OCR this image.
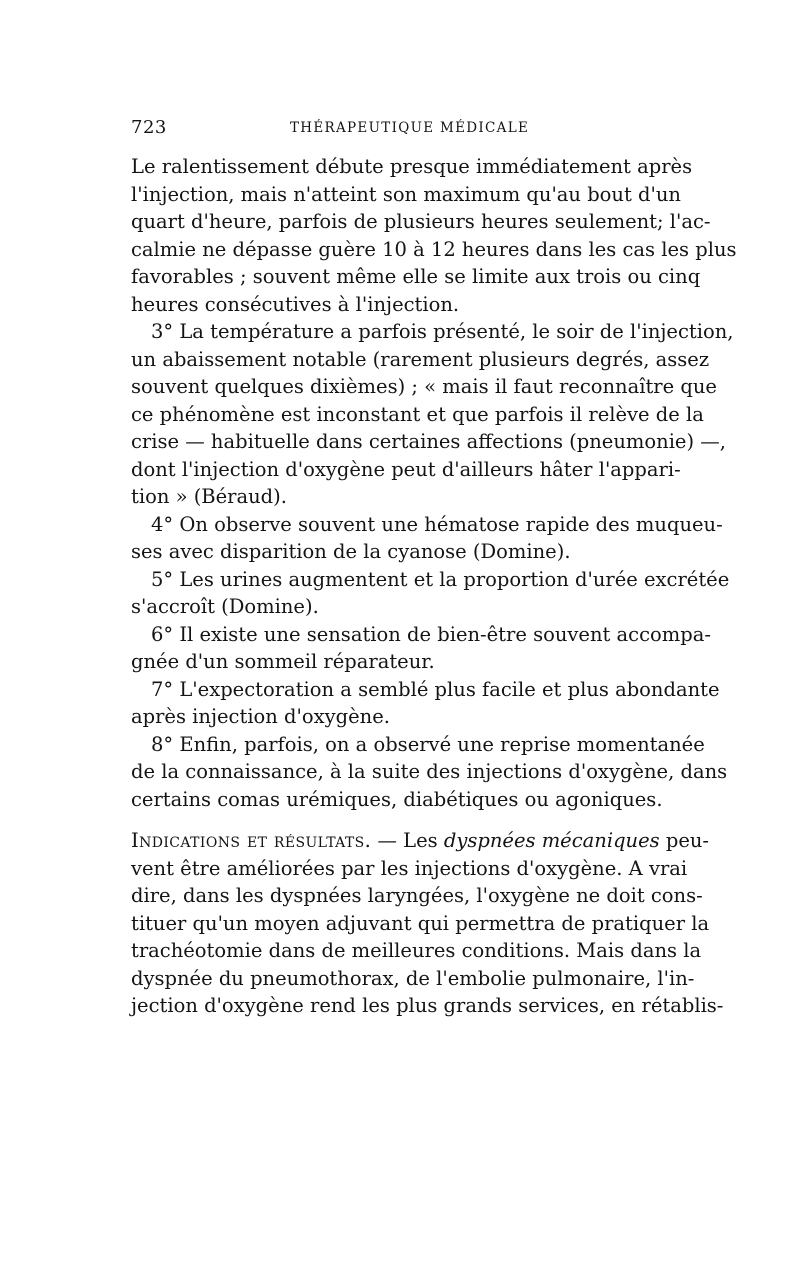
723	THÉRAPEUTIQUE MÉDICALE

Le ralentissement débute presque immédiatement après
l'injection, mais n'atteint son maximum qu'au bout d'un
quart d'heure, parfois de plusieurs heures seulement; l'ac-
calmie ne dépasse guère 10 à 12 heures dans les cas les plus
favorables ; souvent même elle se limite aux trois ou cinq
heures consécutives à l'injection.

3° La température a parfois présenté, le soir de l'injection,
un abaissement notable (rarement plusieurs degrés, assez
souvent quelques dixièmes) ; « mais il faut reconnaître que
ce phénomène est inconstant et que parfois il relève de la
crise — habituelle dans certaines affections (pneumonie) —,
dont l'injection d'oxygène peut d'ailleurs hâter l'appari-
tion » (Béraud).

4° On observe souvent une hématose rapide des muqueu-
ses avec disparition de la cyanose (Domine).

5° Les urines augmentent et la proportion d'urée excrétée
s'accroît (Domine).

6° Il existe une sensation de bien-être souvent accompa-
gnée d'un sommeil réparateur.

7° L'expectoration a semblé plus facile et plus abondante
après injection d'oxygène.

8° Enfin, parfois, on a observé une reprise momentanée
de la connaissance, à la suite des injections d'oxygène, dans
certains comas urémiques, diabétiques ou agoniques.

Indications et résultats. — Les dyspnées mécaniques peu-
vent être améliorées par les injections d'oxygène. A vrai
dire, dans les dyspnées laryngées, l'oxygène ne doit cons-
tituer qu'un moyen adjuvant qui permettra de pratiquer la
trachéotomie dans de meilleures conditions. Mais dans la
dyspnée du pneumothorax, de l'embolie pulmonaire, l'in-
jection d'oxygène rend les plus grands services, en rétablis-
